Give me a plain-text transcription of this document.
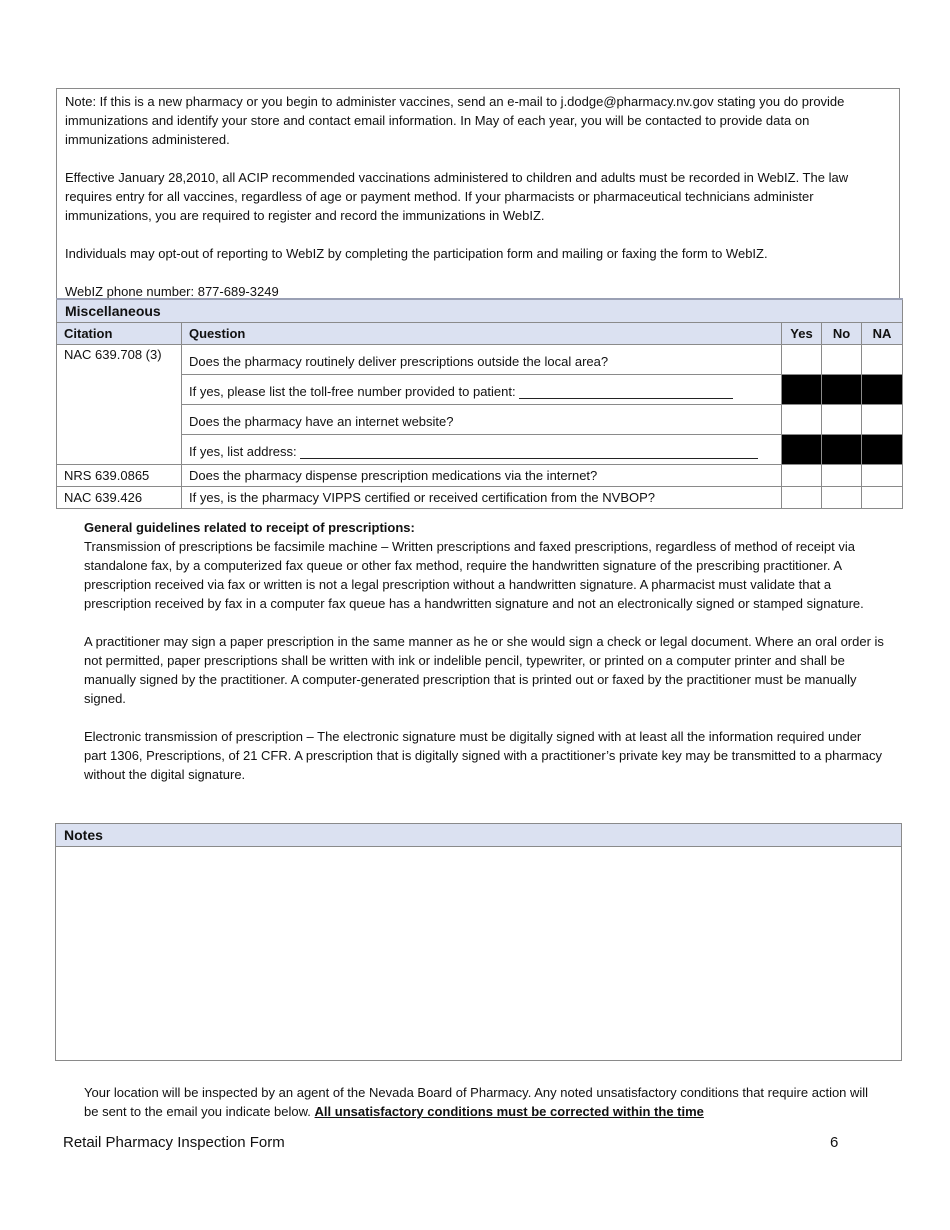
Note: If this is a new pharmacy or you begin to administer vaccines, send an e-mail to j.dodge@pharmacy.nv.gov stating you do provide immunizations and identify your store and contact email information. In May of each year, you will be contacted to provide data on immunizations administered.

Effective January 28,2010, all ACIP recommended vaccinations administered to children and adults must be recorded in WebIZ. The law requires entry for all vaccines, regardless of age or payment method. If your pharmacists or pharmaceutical technicians administer immunizations, you are required to register and record the immunizations in WebIZ.

Individuals may opt-out of reporting to WebIZ by completing the participation form and mailing or faxing the form to WebIZ.

WebIZ phone number: 877-689-3249

Miscellaneous				
Citation	Question	Yes	No	NA
NAC 639.708 (3)	Does the pharmacy routinely deliver prescriptions outside the local area?			
	If yes, please list the toll-free number provided to patient:			
	Does the pharmacy have an internet website?			
	If yes, list address:			
NRS 639.0865	Does the pharmacy dispense prescription medications via the internet?			
NAC 639.426	If yes, is the pharmacy VIPPS certified or received certification from the NVBOP?			

General guidelines related to receipt of prescriptions:

Transmission of prescriptions be facsimile machine – Written prescriptions and faxed prescriptions, regardless of method of receipt via standalone fax, by a computerized fax queue or other fax method, require the handwritten signature of the prescribing practitioner. A prescription received via fax or written is not a legal prescription without a handwritten signature. A pharmacist must validate that a prescription received by fax in a computer fax queue has a handwritten signature and not an electronically signed or stamped signature.

A practitioner may sign a paper prescription in the same manner as he or she would sign a check or legal document. Where an oral order is not permitted, paper prescriptions shall be written with ink or indelible pencil, typewriter, or printed on a computer printer and shall be manually signed by the practitioner. A computer-generated prescription that is printed out or faxed by the practitioner must be manually signed.

Electronic transmission of prescription – The electronic signature must be digitally signed with at least all the information required under part 1306, Prescriptions, of 21 CFR. A prescription that is digitally signed with a practitioner’s private key may be transmitted to a pharmacy without the digital signature.

Notes
Your location will be inspected by an agent of the Nevada Board of Pharmacy. Any noted unsatisfactory conditions that require action will be sent to the email you indicate below. All unsatisfactory conditions must be corrected within the time
Retail Pharmacy Inspection Form	6
